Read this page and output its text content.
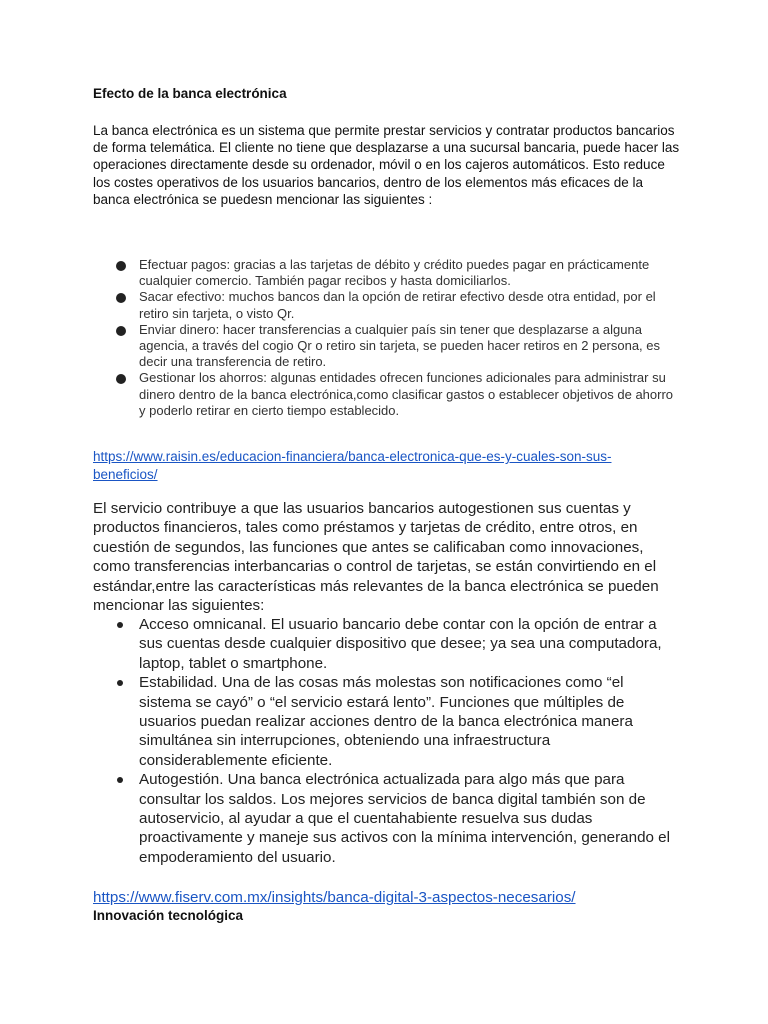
Efecto de la banca electrónica

La banca electrónica es un sistema que permite prestar servicios y contratar productos bancarios de forma telemática. El cliente no tiene que desplazarse a una sucursal bancaria, puede hacer las operaciones directamente desde su ordenador, móvil o en los cajeros automáticos. Esto reduce los costes operativos de los usuarios bancarios, dentro de los elementos más eficaces de la banca electrónica se puedesn mencionar las siguientes :

Efectuar pagos: gracias a las tarjetas de débito y crédito puedes pagar en prácticamente cualquier comercio. También pagar recibos y hasta domiciliarlos.
Sacar efectivo: muchos bancos dan la opción de retirar efectivo desde otra entidad, por el retiro sin tarjeta, o visto Qr.
Enviar dinero: hacer transferencias a cualquier país sin tener que desplazarse a alguna agencia, a través del cogio Qr o retiro sin tarjeta, se pueden hacer retiros en 2 persona, es decir una transferencia de retiro.
Gestionar los ahorros: algunas entidades ofrecen funciones adicionales para administrar su dinero dentro de la banca electrónica,como clasificar gastos o establecer objetivos de ahorro y poderlo retirar en cierto tiempo establecido.
https://www.raisin.es/educacion-financiera/banca-electronica-que-es-y-cuales-son-sus-beneficios/

El servicio contribuye a que las usuarios bancarios autogestionen sus cuentas y productos financieros, tales como préstamos y tarjetas de crédito, entre otros, en cuestión de segundos, las funciones que antes se calificaban como innovaciones, como transferencias interbancarias o control de tarjetas, se están convirtiendo en el estándar,entre las características más relevantes de la banca electrónica se pueden mencionar las siguientes:

Acceso omnicanal. El usuario bancario debe contar con la opción de entrar a sus cuentas desde cualquier dispositivo que desee; ya sea una computadora, laptop, tablet o smartphone.
Estabilidad. Una de las cosas más molestas son notificaciones como “el sistema se cayó” o “el servicio estará lento”. Funciones que múltiples de usuarios puedan realizar acciones dentro de la banca electrónica manera simultánea sin interrupciones, obteniendo una infraestructura considerablemente eficiente.
Autogestión. Una banca electrónica actualizada para algo más que para consultar los saldos. Los mejores servicios de banca digital también son de autoservicio, al ayudar a que el cuentahabiente resuelva sus dudas proactivamente y maneje sus activos con la mínima intervención, generando el empoderamiento del usuario.
https://www.fiserv.com.mx/insights/banca-digital-3-aspectos-necesarios/
Innovación tecnológica
